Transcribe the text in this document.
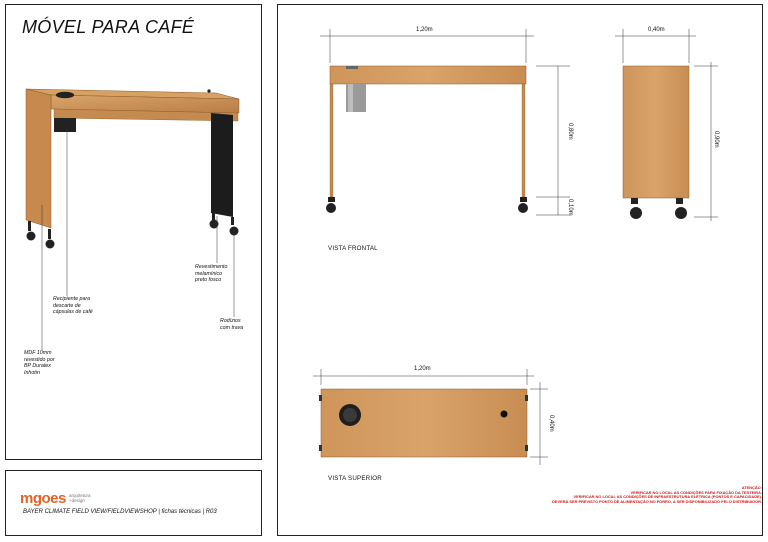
MÓVEL PARA CAFÉ
Recipiente para
descarte de
cápsulas de café
MDF 10mm
revestido por
BP Duratex
Inhotin
Revestimento
melamínico
preto fosco
Rodízios
com trava
mgoes arquitetura
+design
BAYER CLIMATE FIELD VIEW/FIELDVIEWSHOP | fichas técnicas | R03
1,20m	0,40m
0,80m
0,10m
0,90m
1,20m
0,40m
VISTA FRONTAL
VISTA SUPERIOR
ATENÇÃO:
VERIFICAR NO LOCAL AS CONDIÇÕES PARA FIXAÇÃO DA TESTEIRA.
VERIFICAR NO LOCAL AS CONDIÇÕES DE INFRAESTRUTURA ELÉTRICA (PONTOS E CAPACIDADE).
DEVERÁ SER PREVISTO PONTO DE ALIMENTAÇÃO NO FORRO, A SER DISPONIBILIZADO PELO DISTRIBUIDOR.
